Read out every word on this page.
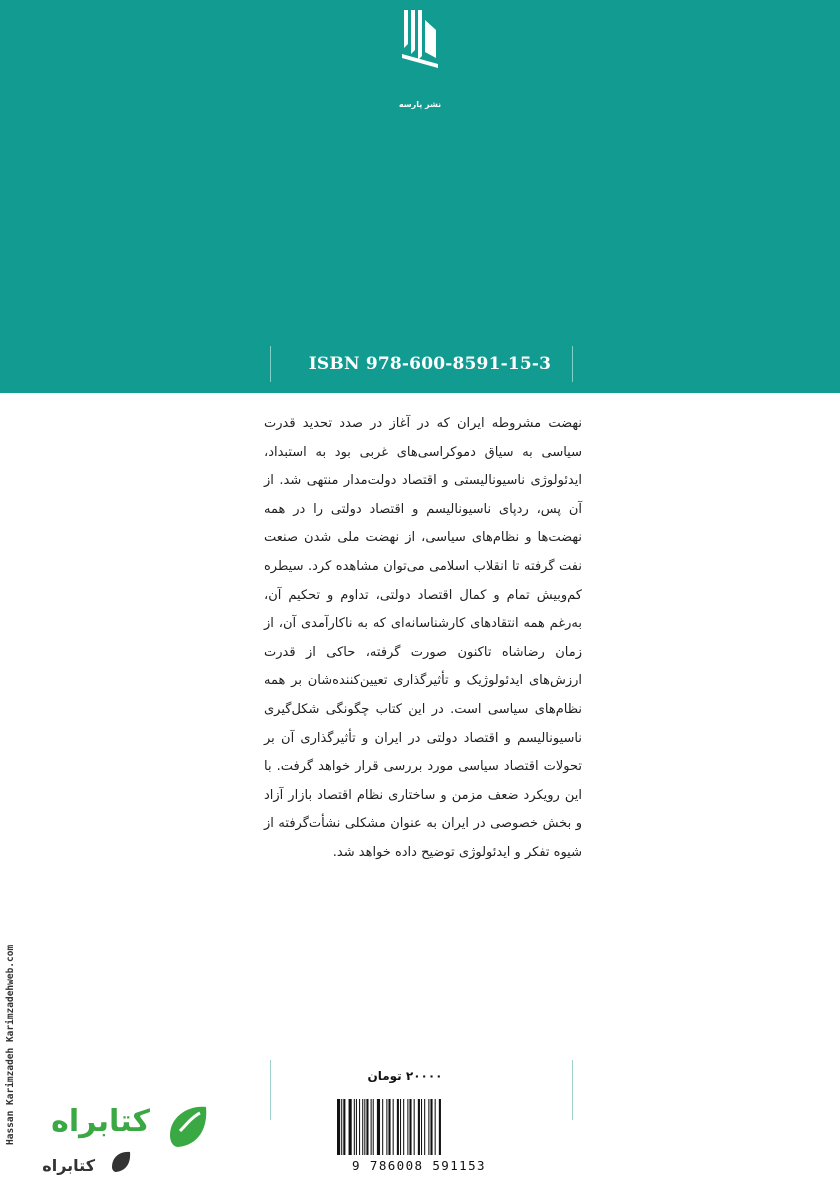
نشر پارسه
ISBN 978-600-8591-15-3
نهضت مشروطه ایران که در آغاز در صدد تحدید قدرت سیاسی به سیاق دموکراسی‌های غربی بود به استبداد، ایدئولوژی ناسیونالیستی و اقتصاد دولت‌مدار منتهی شد. از آن پس، ردپای ناسیونالیسم و اقتصاد دولتی را در همه نهضت‌ها و نظام‌های سیاسی، از نهضت ملی شدن صنعت نفت گرفته تا انقلاب اسلامی می‌توان مشاهده کرد. سیطره کم‌وبیش تمام و کمال اقتصاد دولتی، تداوم و تحکیم آن، به‌رغم همه انتقادهای کارشناسانه‌ای که به ناکارآمدی آن، از زمان رضاشاه تاکنون صورت گرفته، حاکی از قدرت ارزش‌های ایدئولوژیک و تأثیرگذاری تعیین‌کننده‌شان بر همه نظام‌های سیاسی است. در این کتاب چگونگی شکل‌گیری ناسیونالیسم و اقتصاد دولتی در ایران و تأثیرگذاری آن بر تحولات اقتصاد سیاسی مورد بررسی قرار خواهد گرفت. با این رویکرد ضعف مزمن و ساختاری نظام اقتصاد بازار آزاد و بخش خصوصی در ایران به عنوان مشکلی نشأت‌گرفته از شیوه تفکر و ایدئولوژی توضیح داده خواهد شد.
Hassan Karimzadeh Karimzadehweb.com	۲۰۰۰۰ تومان
9 786008 591153
کتابراه
کتابراه
